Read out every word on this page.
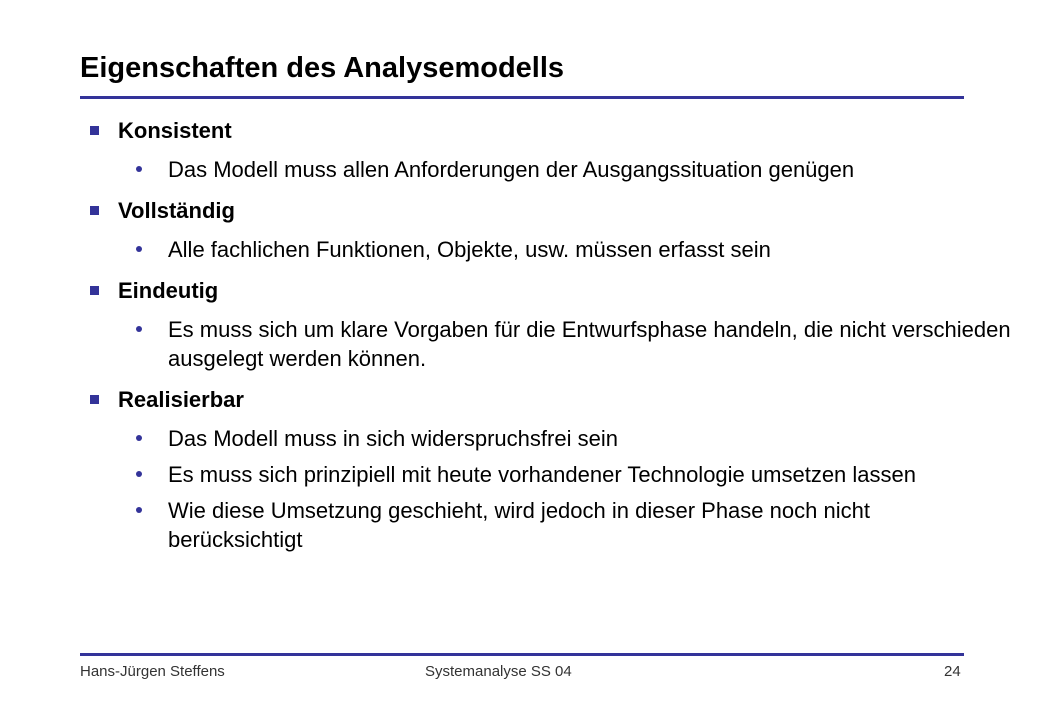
Eigenschaften des Analysemodells
Konsistent
Das Modell muss allen Anforderungen der Ausgangssituation genügen
Vollständig
Alle fachlichen Funktionen, Objekte, usw. müssen erfasst sein
Eindeutig
Es muss sich um klare Vorgaben für die Entwurfsphase handeln, die nicht verschieden ausgelegt werden können.
Realisierbar
Das Modell muss in sich widerspruchsfrei sein
Es muss sich prinzipiell mit heute vorhandener Technologie umsetzen lassen
Wie diese Umsetzung geschieht, wird jedoch in dieser Phase noch nicht berücksichtigt
Hans-Jürgen Steffens	Systemanalyse SS 04	24
